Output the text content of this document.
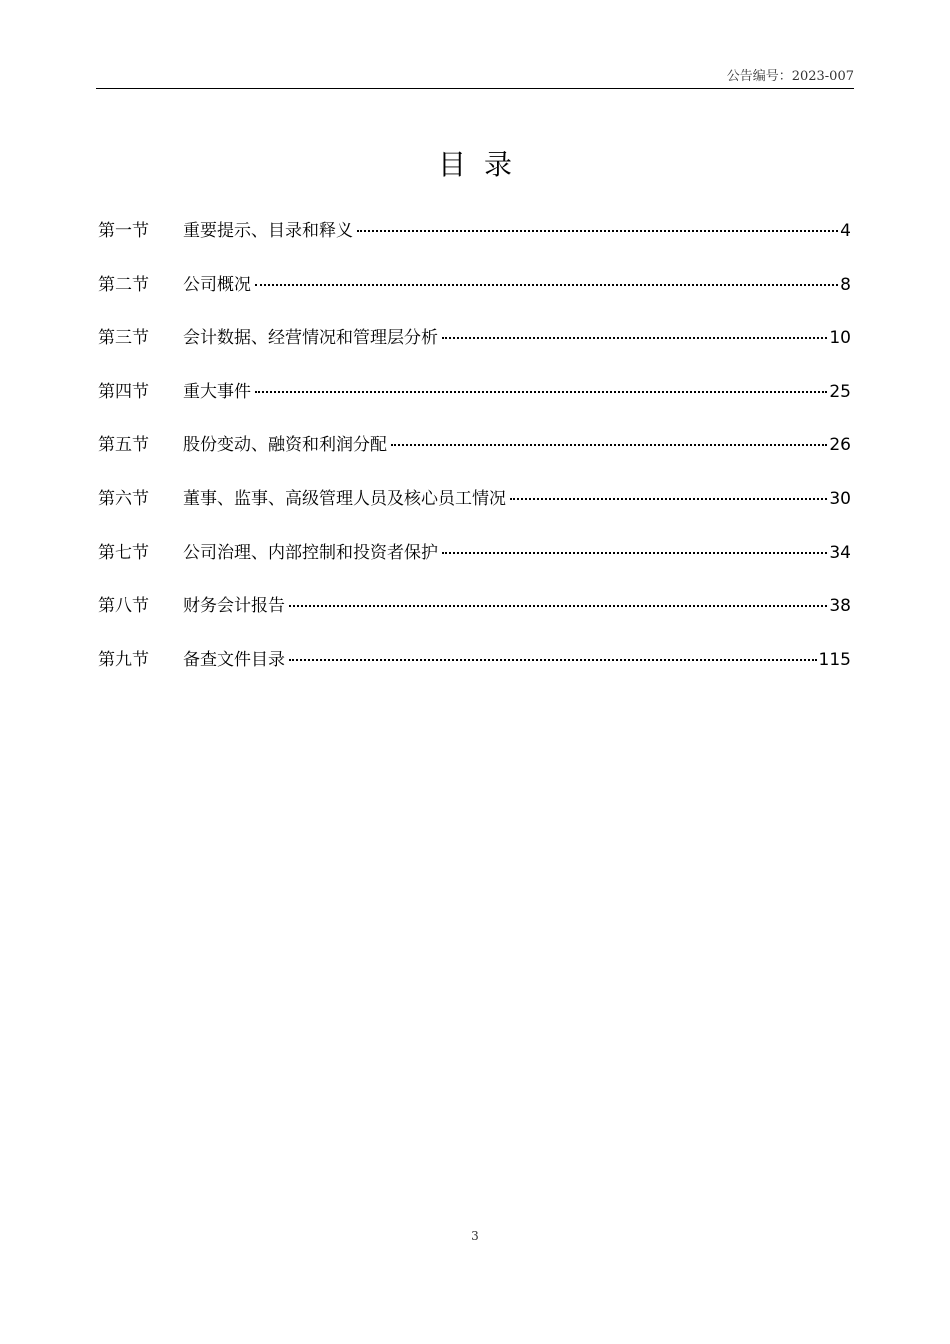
公告编号：2023-007
目录
第一节	重要提示、目录和释义	4
第二节	公司概况	8
第三节	会计数据、经营情况和管理层分析	10
第四节	重大事件	25
第五节	股份变动、融资和利润分配	26
第六节	董事、监事、高级管理人员及核心员工情况	30
第七节	公司治理、内部控制和投资者保护	34
第八节	财务会计报告	38
第九节	备查文件目录	115
3
